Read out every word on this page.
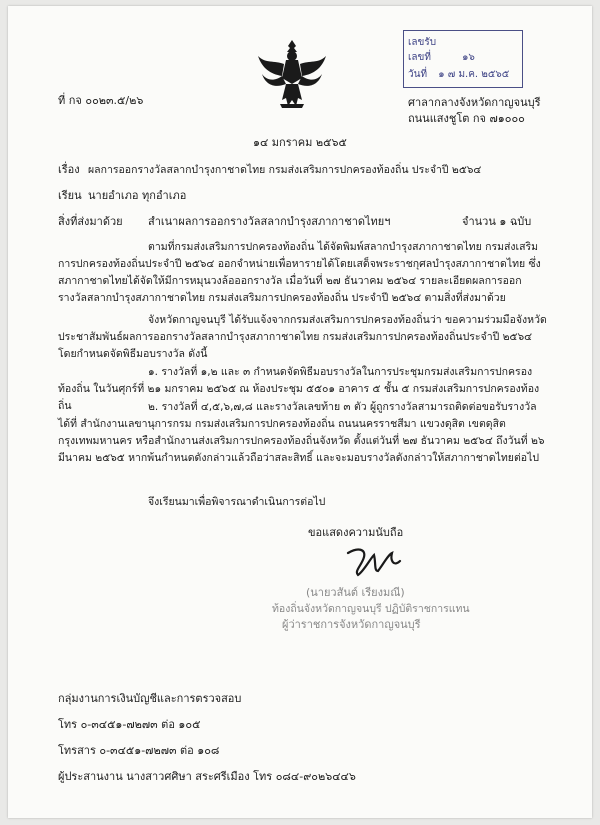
ที่ กจ ๐๐๒๓.๕/๒๖
เลขรับ
เลขที่	๑๖
วันที่ ๑ ๗ ม.ค. ๒๕๖๕
ศาลากลางจังหวัดกาญจนบุรี
ถนนแสงชูโต กจ ๗๑๐๐๐
๑๔ มกราคม ๒๕๖๕
เรื่อง ผลการออกรางวัลสลากบำรุงกาชาดไทย กรมส่งเสริมการปกครองท้องถิ่น ประจำปี ๒๕๖๔
เรียน นายอำเภอ ทุกอำเภอ
สิ่งที่ส่งมาด้วย สำเนาผลการออกรางวัลสลากบำรุงสภากาชาดไทยฯ	จำนวน ๑ ฉบับ
ตามที่กรมส่งเสริมการปกครองท้องถิ่น ได้จัดพิมพ์สลากบำรุงสภากาชาดไทย กรมส่งเสริมการปกครองท้องถิ่นประจำปี ๒๕๖๔ ออกจำหน่ายเพื่อหารายได้โดยเสด็จพระราชกุศลบำรุงสภากาชาดไทย ซึ่งสภากาชาดไทยได้จัดให้มีการหมุนวงล้อออกรางวัล เมื่อวันที่ ๒๗ ธันวาคม ๒๕๖๔ รายละเอียดผลการออกรางวัลสลากบำรุงสภากาชาดไทย กรมส่งเสริมการปกครองท้องถิ่น ประจำปี ๒๕๖๔ ตามสิ่งที่ส่งมาด้วย
จังหวัดกาญจนบุรี ได้รับแจ้งจากกรมส่งเสริมการปกครองท้องถิ่นว่า ขอความร่วมมือจังหวัดประชาสัมพันธ์ผลการออกรางวัลสลากบำรุงสภากาชาดไทย กรมส่งเสริมการปกครองท้องถิ่นประจำปี ๒๕๖๔ โดยกำหนดจัดพิธีมอบรางวัล ดังนี้
๑. รางวัลที่ ๑,๒ และ ๓ กำหนดจัดพิธีมอบรางวัลในการประชุมกรมส่งเสริมการปกครองท้องถิ่น ในวันศุกร์ที่ ๒๑ มกราคม ๒๕๖๕ ณ ห้องประชุม ๕๕๐๑ อาคาร ๕ ชั้น ๕ กรมส่งเสริมการปกครองท้องถิ่น	๒. รางวัลที่ ๔,๕,๖,๗,๘ และรางวัลเลขท้าย ๓ ตัว ผู้ถูกรางวัลสามารถติดต่อขอรับรางวัลได้ที่ สำนักงานเลขานุการกรม กรมส่งเสริมการปกครองท้องถิ่น ถนนนครราชสีมา แขวงดุสิต เขตดุสิต กรุงเทพมหานคร หรือสำนักงานส่งเสริมการปกครองท้องถิ่นจังหวัด ตั้งแต่วันที่ ๒๗ ธันวาคม ๒๕๖๔ ถึงวันที่ ๒๖ มีนาคม ๒๕๖๕ หากพ้นกำหนดดังกล่าวแล้วถือว่าสละสิทธิ์ และจะมอบรางวัลดังกล่าวให้สภากาชาดไทยต่อไป
จึงเรียนมาเพื่อพิจารณาดำเนินการต่อไป
ขอแสดงความนับถือ
(นายวสันต์ เรียงมณี)
ท้องถิ่นจังหวัดกาญจนบุรี ปฏิบัติราชการแทน
ผู้ว่าราชการจังหวัดกาญจนบุรี
กลุ่มงานการเงินบัญชีและการตรวจสอบ
โทร ๐-๓๔๕๑-๗๒๗๓ ต่อ ๑๐๕
โทรสาร ๐-๓๔๕๑-๗๒๗๓ ต่อ ๑๐๘
ผู้ประสานงาน นางสาวศศิษา สระศรีเมือง โทร ๐๘๔-๙๐๒๖๔๔๖
